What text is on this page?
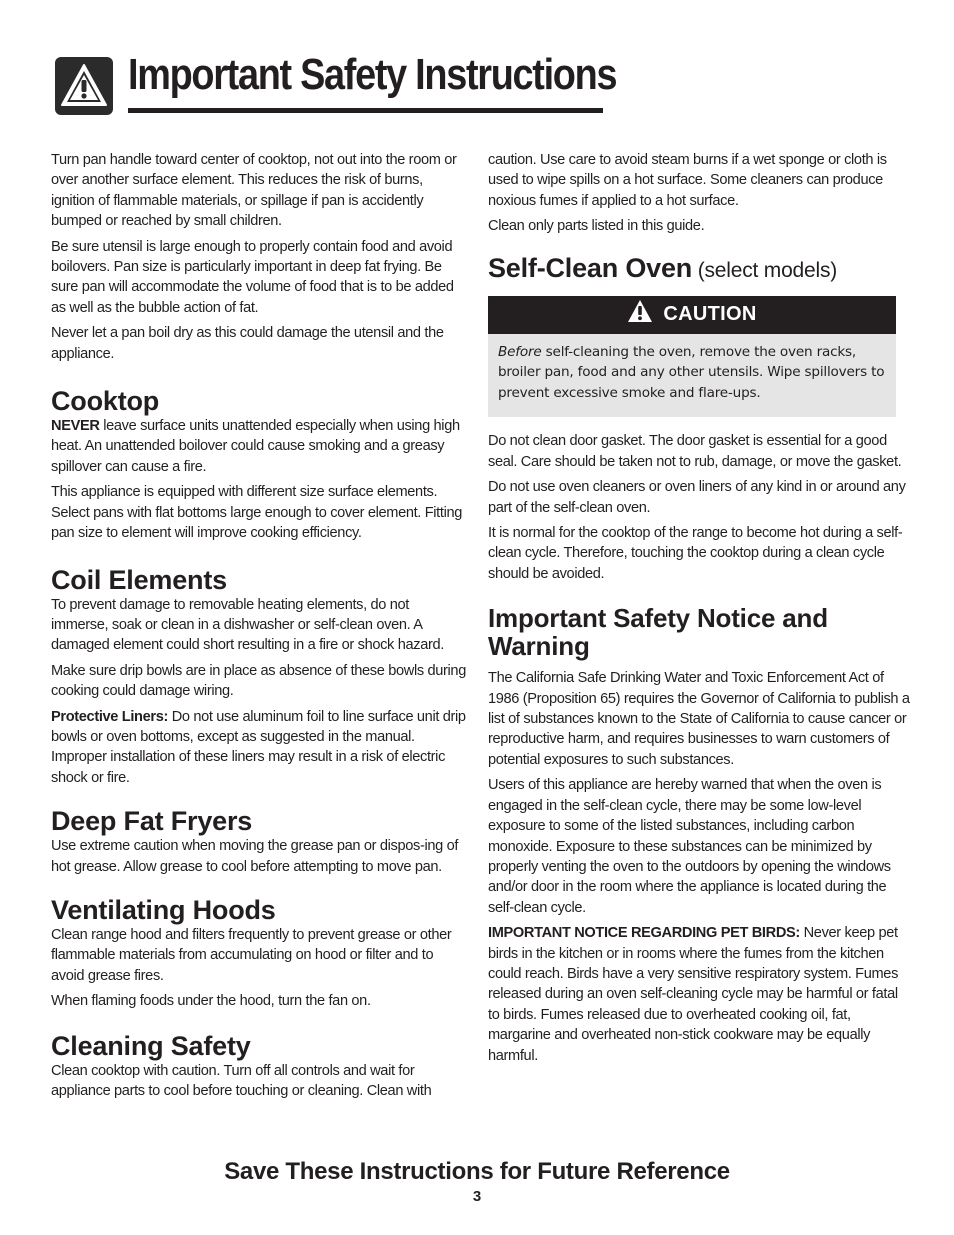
Important Safety Instructions

Turn pan handle toward center of cooktop, not out into the room or over another surface element. This reduces the risk of burns, ignition of flammable materials, or spillage if pan is accidently bumped or reached by small children.

Be sure utensil is large enough to properly contain food and avoid boilovers. Pan size is particularly important in deep fat frying. Be sure pan will accommodate the volume of food that is to be added as well as the bubble action of fat.

Never let a pan boil dry as this could damage the utensil and the appliance.

Cooktop

NEVER leave surface units unattended especially when using high heat. An unattended boilover could cause smoking and a greasy spillover can cause a fire.

This appliance is equipped with different size surface elements. Select pans with flat bottoms large enough to cover element. Fitting pan size to element will improve cooking efficiency.

Coil Elements

To prevent damage to removable heating elements, do not immerse, soak or clean in a dishwasher or self-clean oven. A damaged element could short resulting in a fire or shock hazard.

Make sure drip bowls are in place as absence of these bowls during cooking could damage wiring.

Protective Liners: Do not use aluminum foil to line surface unit drip bowls or oven bottoms, except as suggested in the manual. Improper installation of these liners may result in a risk of electric shock or fire.

Deep Fat Fryers

Use extreme caution when moving the grease pan or dispos-ing of hot grease. Allow grease to cool before attempting to move pan.

Ventilating Hoods

Clean range hood and filters frequently to prevent grease or other flammable materials from accumulating on hood or filter and to avoid grease fires.

When flaming foods under the hood, turn the fan on.

Cleaning Safety

Clean cooktop with caution. Turn off all controls and wait for appliance parts to cool before touching or cleaning. Clean with

caution. Use care to avoid steam burns if a wet sponge or cloth is used to wipe spills on a hot surface. Some cleaners can produce noxious fumes if applied to a hot surface.

Clean only parts listed in this guide.

Self-Clean Oven (select models)
CAUTION
Before self-cleaning the oven, remove the oven racks, broiler pan, food and any other utensils. Wipe spillovers to prevent excessive smoke and flare-ups.

Do not clean door gasket. The door gasket is essential for a good seal. Care should be taken not to rub, damage, or move the gasket.

Do not use oven cleaners or oven liners of any kind in or around any part of the self-clean oven.

It is normal for the cooktop of the range to become hot during a self-clean cycle. Therefore, touching the cooktop during a clean cycle should be avoided.

Important Safety Notice and Warning

The California Safe Drinking Water and Toxic Enforcement Act of 1986 (Proposition 65) requires the Governor of California to publish a list of substances known to the State of California to cause cancer or reproductive harm, and requires businesses to warn customers of potential exposures to such substances.

Users of this appliance are hereby warned that when the oven is engaged in the self-clean cycle, there may be some low-level exposure to some of the listed substances, including carbon monoxide. Exposure to these substances can be minimized by properly venting the oven to the outdoors by opening the windows and/or door in the room where the appliance is located during the self-clean cycle.

IMPORTANT NOTICE REGARDING PET BIRDS: Never keep pet birds in the kitchen or in rooms where the fumes from the kitchen could reach. Birds have a very sensitive respiratory system. Fumes released during an oven self-cleaning cycle may be harmful or fatal to birds. Fumes released due to overheated cooking oil, fat, margarine and overheated non-stick cookware may be equally harmful.

Save These Instructions for Future Reference
3
